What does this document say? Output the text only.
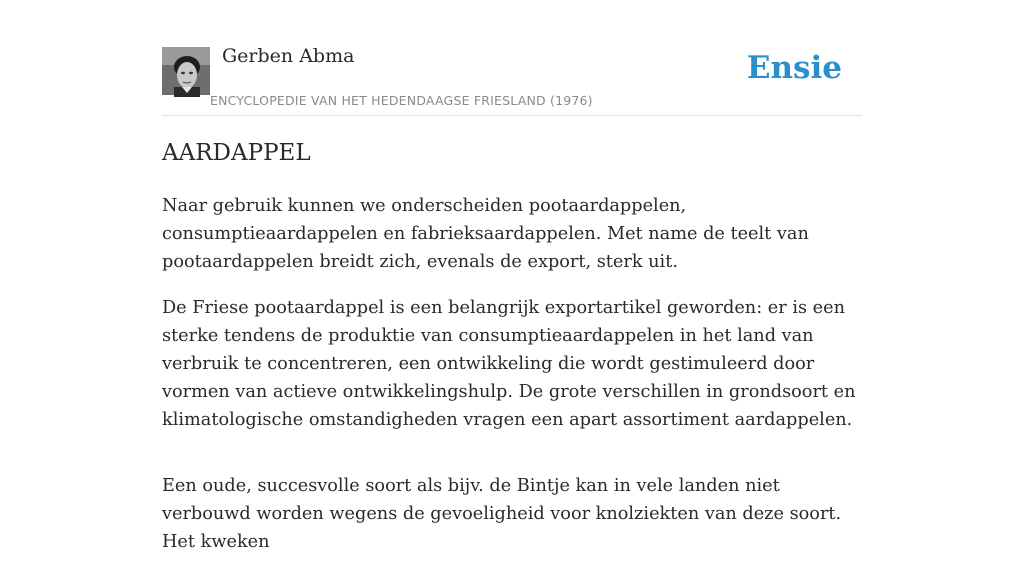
Gerben Abma
ENCYCLOPEDIE VAN HET HEDENDAAGSE FRIESLAND (1976)
Ensie
AARDAPPEL

Naar gebruik kunnen we onderscheiden pootaardappelen, consumptieaardappelen en fabrieksaardappelen. Met name de teelt van pootaardappelen breidt zich, evenals de export, sterk uit.

De Friese pootaardappel is een belangrijk exportartikel geworden: er is een sterke tendens de produktie van consumptieaardappelen in het land van verbruik te concentreren, een ontwikkeling die wordt gestimuleerd door vormen van actieve ontwikkelingshulp. De grote verschillen in grondsoort en klimatologische omstandigheden vragen een apart assortiment aardappelen.

Een oude, succesvolle soort als bijv. de Bintje kan in vele landen niet verbouwd worden wegens de gevoeligheid voor knolziekten van deze soort. Het kweken
